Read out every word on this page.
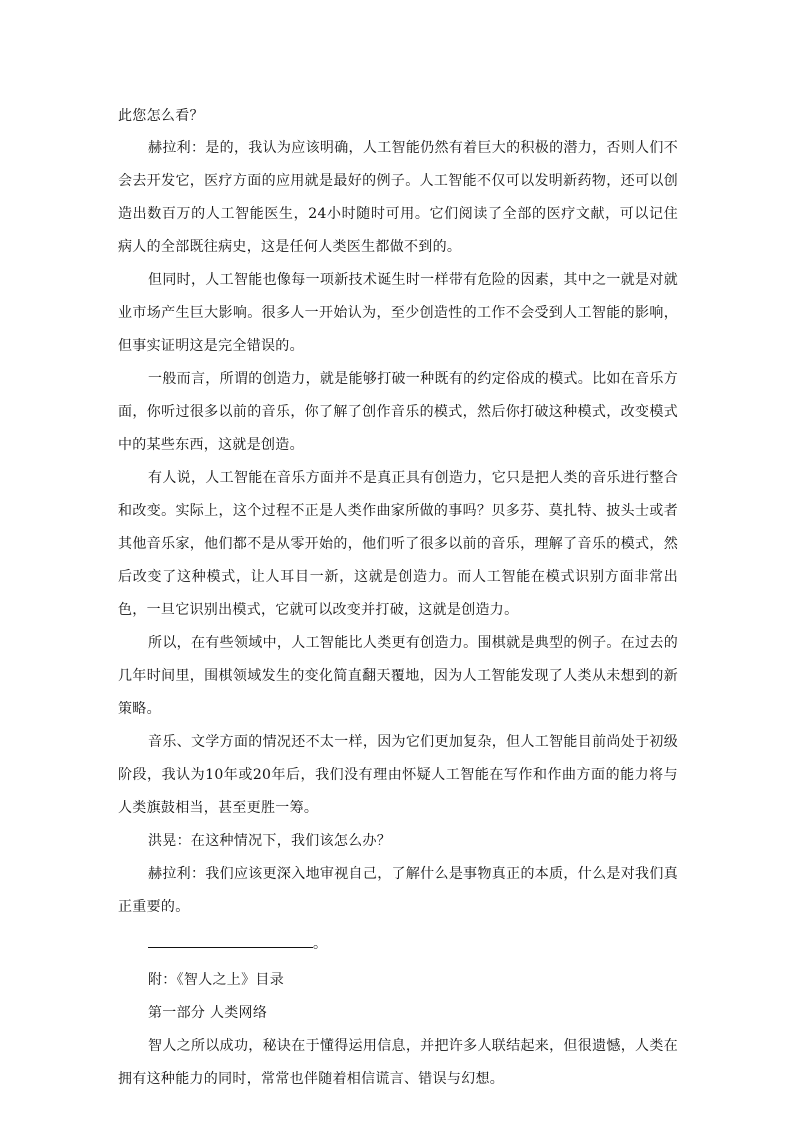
此您怎么看？

赫拉利：是的，我认为应该明确，人工智能仍然有着巨大的积极的潜力，否则人们不会去开发它，医疗方面的应用就是最好的例子。人工智能不仅可以发明新药物，还可以创造出数百万的人工智能医生，24小时随时可用。它们阅读了全部的医疗文献，可以记住病人的全部既往病史，这是任何人类医生都做不到的。

但同时，人工智能也像每一项新技术诞生时一样带有危险的因素，其中之一就是对就业市场产生巨大影响。很多人一开始认为，至少创造性的工作不会受到人工智能的影响，但事实证明这是完全错误的。

一般而言，所谓的创造力，就是能够打破一种既有的约定俗成的模式。比如在音乐方面，你听过很多以前的音乐，你了解了创作音乐的模式，然后你打破这种模式，改变模式中的某些东西，这就是创造。

有人说，人工智能在音乐方面并不是真正具有创造力，它只是把人类的音乐进行整合和改变。实际上，这个过程不正是人类作曲家所做的事吗？贝多芬、莫扎特、披头士或者其他音乐家，他们都不是从零开始的，他们听了很多以前的音乐，理解了音乐的模式，然后改变了这种模式，让人耳目一新，这就是创造力。而人工智能在模式识别方面非常出色，一旦它识别出模式，它就可以改变并打破，这就是创造力。

所以，在有些领域中，人工智能比人类更有创造力。围棋就是典型的例子。在过去的几年时间里，围棋领域发生的变化简直翻天覆地，因为人工智能发现了人类从未想到的新策略。

音乐、文学方面的情况还不太一样，因为它们更加复杂，但人工智能目前尚处于初级阶段，我认为10年或20年后，我们没有理由怀疑人工智能在写作和作曲方面的能力将与人类旗鼓相当，甚至更胜一筹。

洪晃：在这种情况下，我们该怎么办？

赫拉利：我们应该更深入地审视自己，了解什么是事物真正的本质，什么是对我们真正重要的。

。

附：《智人之上》目录

第一部分 人类网络

智人之所以成功，秘诀在于懂得运用信息，并把许多人联结起来，但很遗憾，人类在拥有这种能力的同时，常常也伴随着相信谎言、错误与幻想。
